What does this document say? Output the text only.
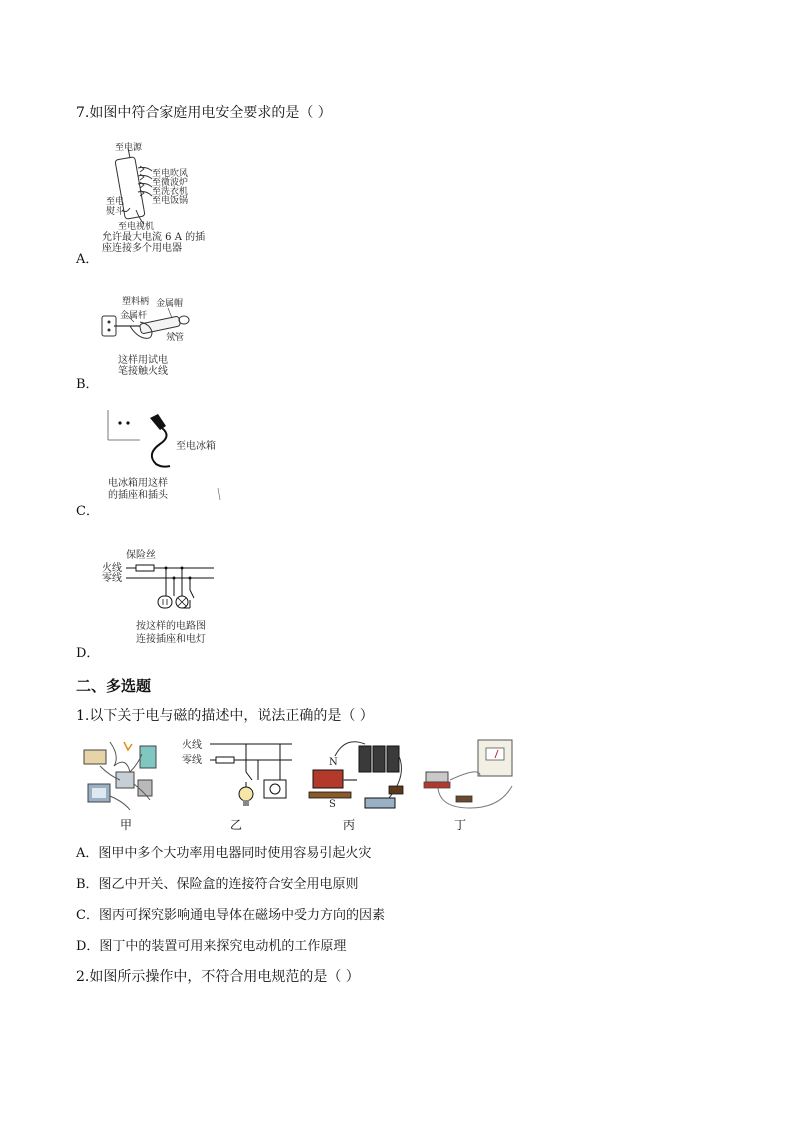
7.如图中符合家庭用电安全要求的是（ ）
至电源
至电吹风
至微波炉
至洗衣机
至电饭锅
至电
熨斗
至电视机
允许最大电流 6 A 的插
座连接多个用电器
A．
塑料柄 金属帽
金属杆
氖管
这样用试电
笔接触火线
B．
至电冰箱
电冰箱用这样
的插座和插头
C．
保险丝
火线
零线
按这样的电路图
连接插座和电灯
D．
二、多选题
1.以下关于电与磁的描述中，说法正确的是（ ）
甲
火线
零线
乙
N
S
丙	丁
A．图甲中多个大功率用电器同时使用容易引起火灾
B．图乙中开关、保险盒的连接符合安全用电原则
C．图丙可探究影响通电导体在磁场中受力方向的因素
D．图丁中的装置可用来探究电动机的工作原理
2.如图所示操作中，不符合用电规范的是（ ）
